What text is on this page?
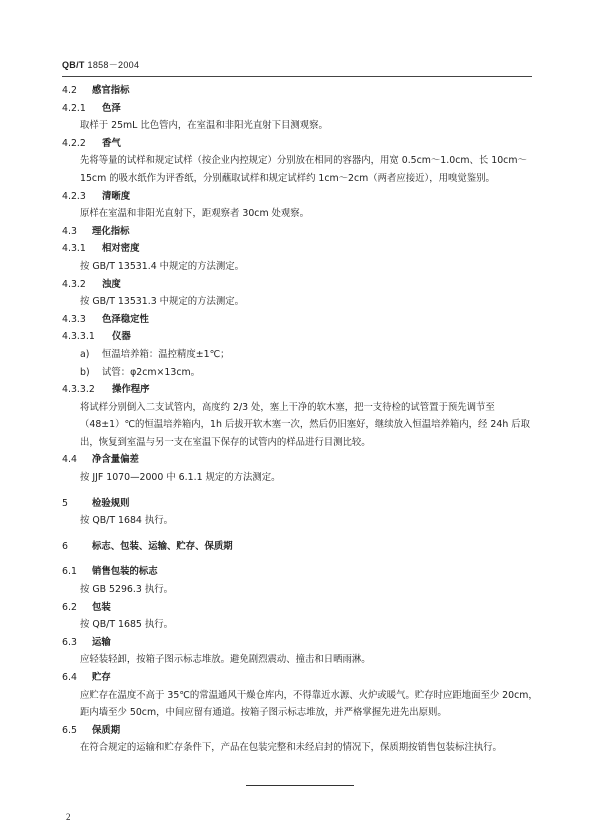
QB/T 1858－2004
4.2 感官指标
4.2.1 色泽
取样于 25mL 比色管内，在室温和非阳光直射下目测观察。
4.2.2 香气
先将等量的试样和规定试样（按企业内控规定）分别放在相同的容器内，用宽 0.5cm～1.0cm、长 10cm～15cm 的吸水纸作为评香纸，分别蘸取试样和规定试样约 1cm～2cm（两者应接近），用嗅觉鉴别。
4.2.3 清晰度
原样在室温和非阳光直射下，距观察者 30cm 处观察。
4.3 理化指标
4.3.1 相对密度
按 GB/T 13531.4 中规定的方法测定。
4.3.2 浊度
按 GB/T 13531.3 中规定的方法测定。
4.3.3 色泽稳定性
4.3.3.1 仪器
a) 恒温培养箱：温控精度±1℃；
b) 试管：φ2cm×13cm。
4.3.3.2 操作程序
将试样分别倒入二支试管内，高度约 2/3 处，塞上干净的软木塞，把一支待检的试管置于预先调节至（48±1）℃的恒温培养箱内，1h 后拔开软木塞一次，然后仍旧塞好，继续放入恒温培养箱内，经 24h 后取出，恢复到室温与另一支在室温下保存的试管内的样品进行目测比较。
4.4 净含量偏差
按 JJF 1070—2000 中 6.1.1 规定的方法测定。
5	检验规则
按 QB/T 1684 执行。
6	标志、包装、运输、贮存、保质期
6.1 销售包装的标志
按 GB 5296.3 执行。
6.2 包装
按 QB/T 1685 执行。
6.3 运输
应轻装轻卸，按箱子图示标志堆放。避免剧烈震动、撞击和日晒雨淋。
6.4 贮存
应贮存在温度不高于 35℃的常温通风干燥仓库内，不得靠近水源、火炉或暖气。贮存时应距地面至少 20cm，距内墙至少 50cm，中间应留有通道。按箱子图示标志堆放，并严格掌握先进先出原则。
6.5 保质期
在符合规定的运输和贮存条件下，产品在包装完整和未经启封的情况下，保质期按销售包装标注执行。
2
